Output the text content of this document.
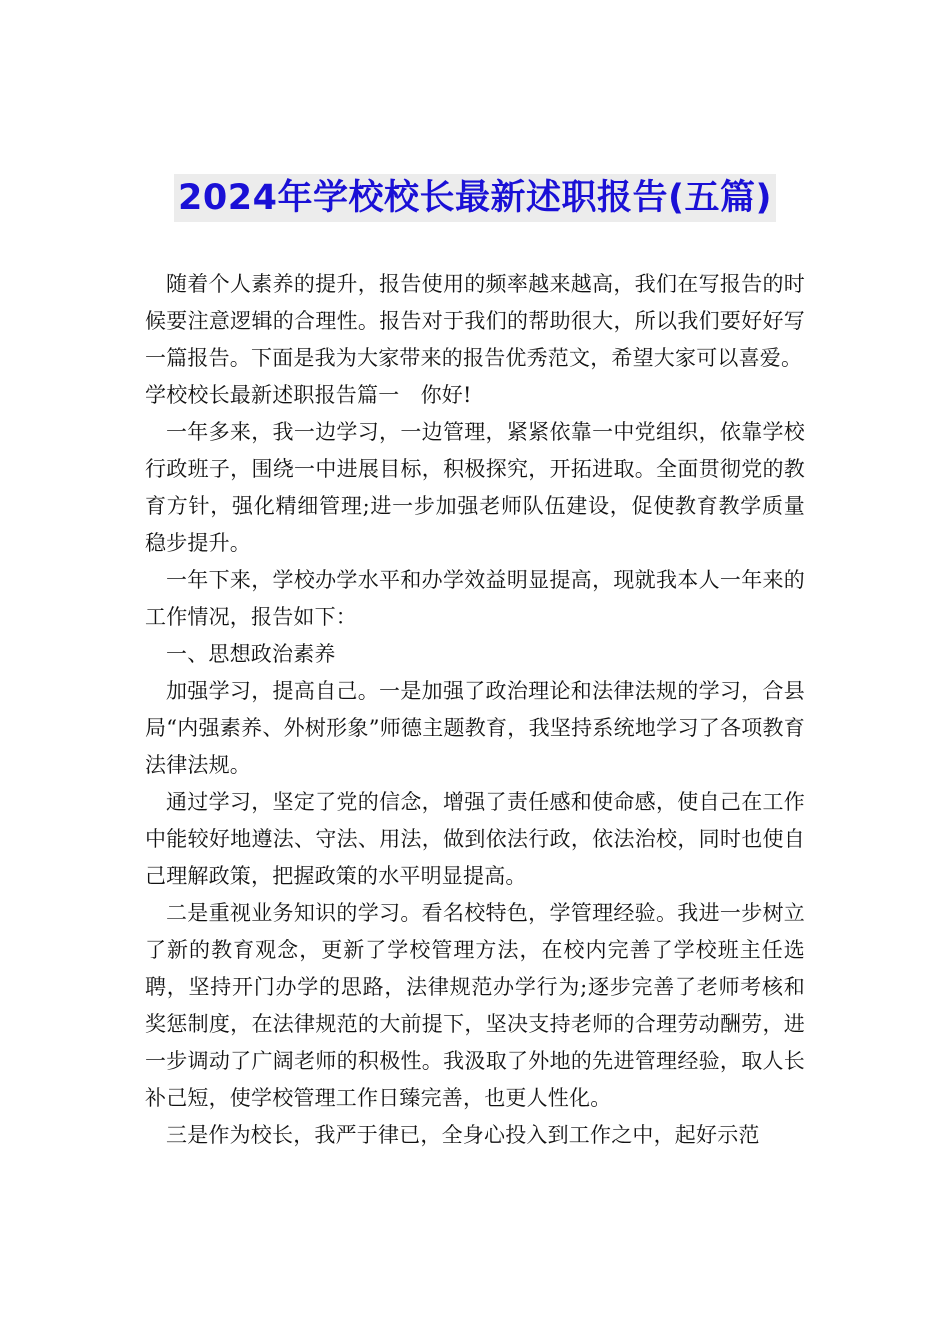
2024年学校校长最新述职报告(五篇)

随着个人素养的提升，报告使用的频率越来越高，我们在写报告的时候要注意逻辑的合理性。报告对于我们的帮助很大，所以我们要好好写一篇报告。下面是我为大家带来的报告优秀范文，希望大家可以喜爱。

学校校长最新述职报告篇一　你好!

一年多来，我一边学习，一边管理，紧紧依靠一中党组织，依靠学校行政班子，围绕一中进展目标，积极探究，开拓进取。全面贯彻党的教育方针，强化精细管理;进一步加强老师队伍建设，促使教育教学质量稳步提升。

一年下来，学校办学水平和办学效益明显提高，现就我本人一年来的工作情况，报告如下：

一、思想政治素养

加强学习，提高自己。一是加强了政治理论和法律法规的学习，合县局“内强素养、外树形象”师德主题教育，我坚持系统地学习了各项教育法律法规。

通过学习，坚定了党的信念，增强了责任感和使命感，使自己在工作中能较好地遵法、守法、用法，做到依法行政，依法治校，同时也使自己理解政策，把握政策的水平明显提高。

二是重视业务知识的学习。看名校特色，学管理经验。我进一步树立了新的教育观念，更新了学校管理方法，在校内完善了学校班主任选聘，坚持开门办学的思路，法律规范办学行为;逐步完善了老师考核和奖惩制度，在法律规范的大前提下，坚决支持老师的合理劳动酬劳，进一步调动了广阔老师的积极性。我汲取了外地的先进管理经验，取人长补己短，使学校管理工作日臻完善，也更人性化。

三是作为校长，我严于律已，全身心投入到工作之中，起好示范
